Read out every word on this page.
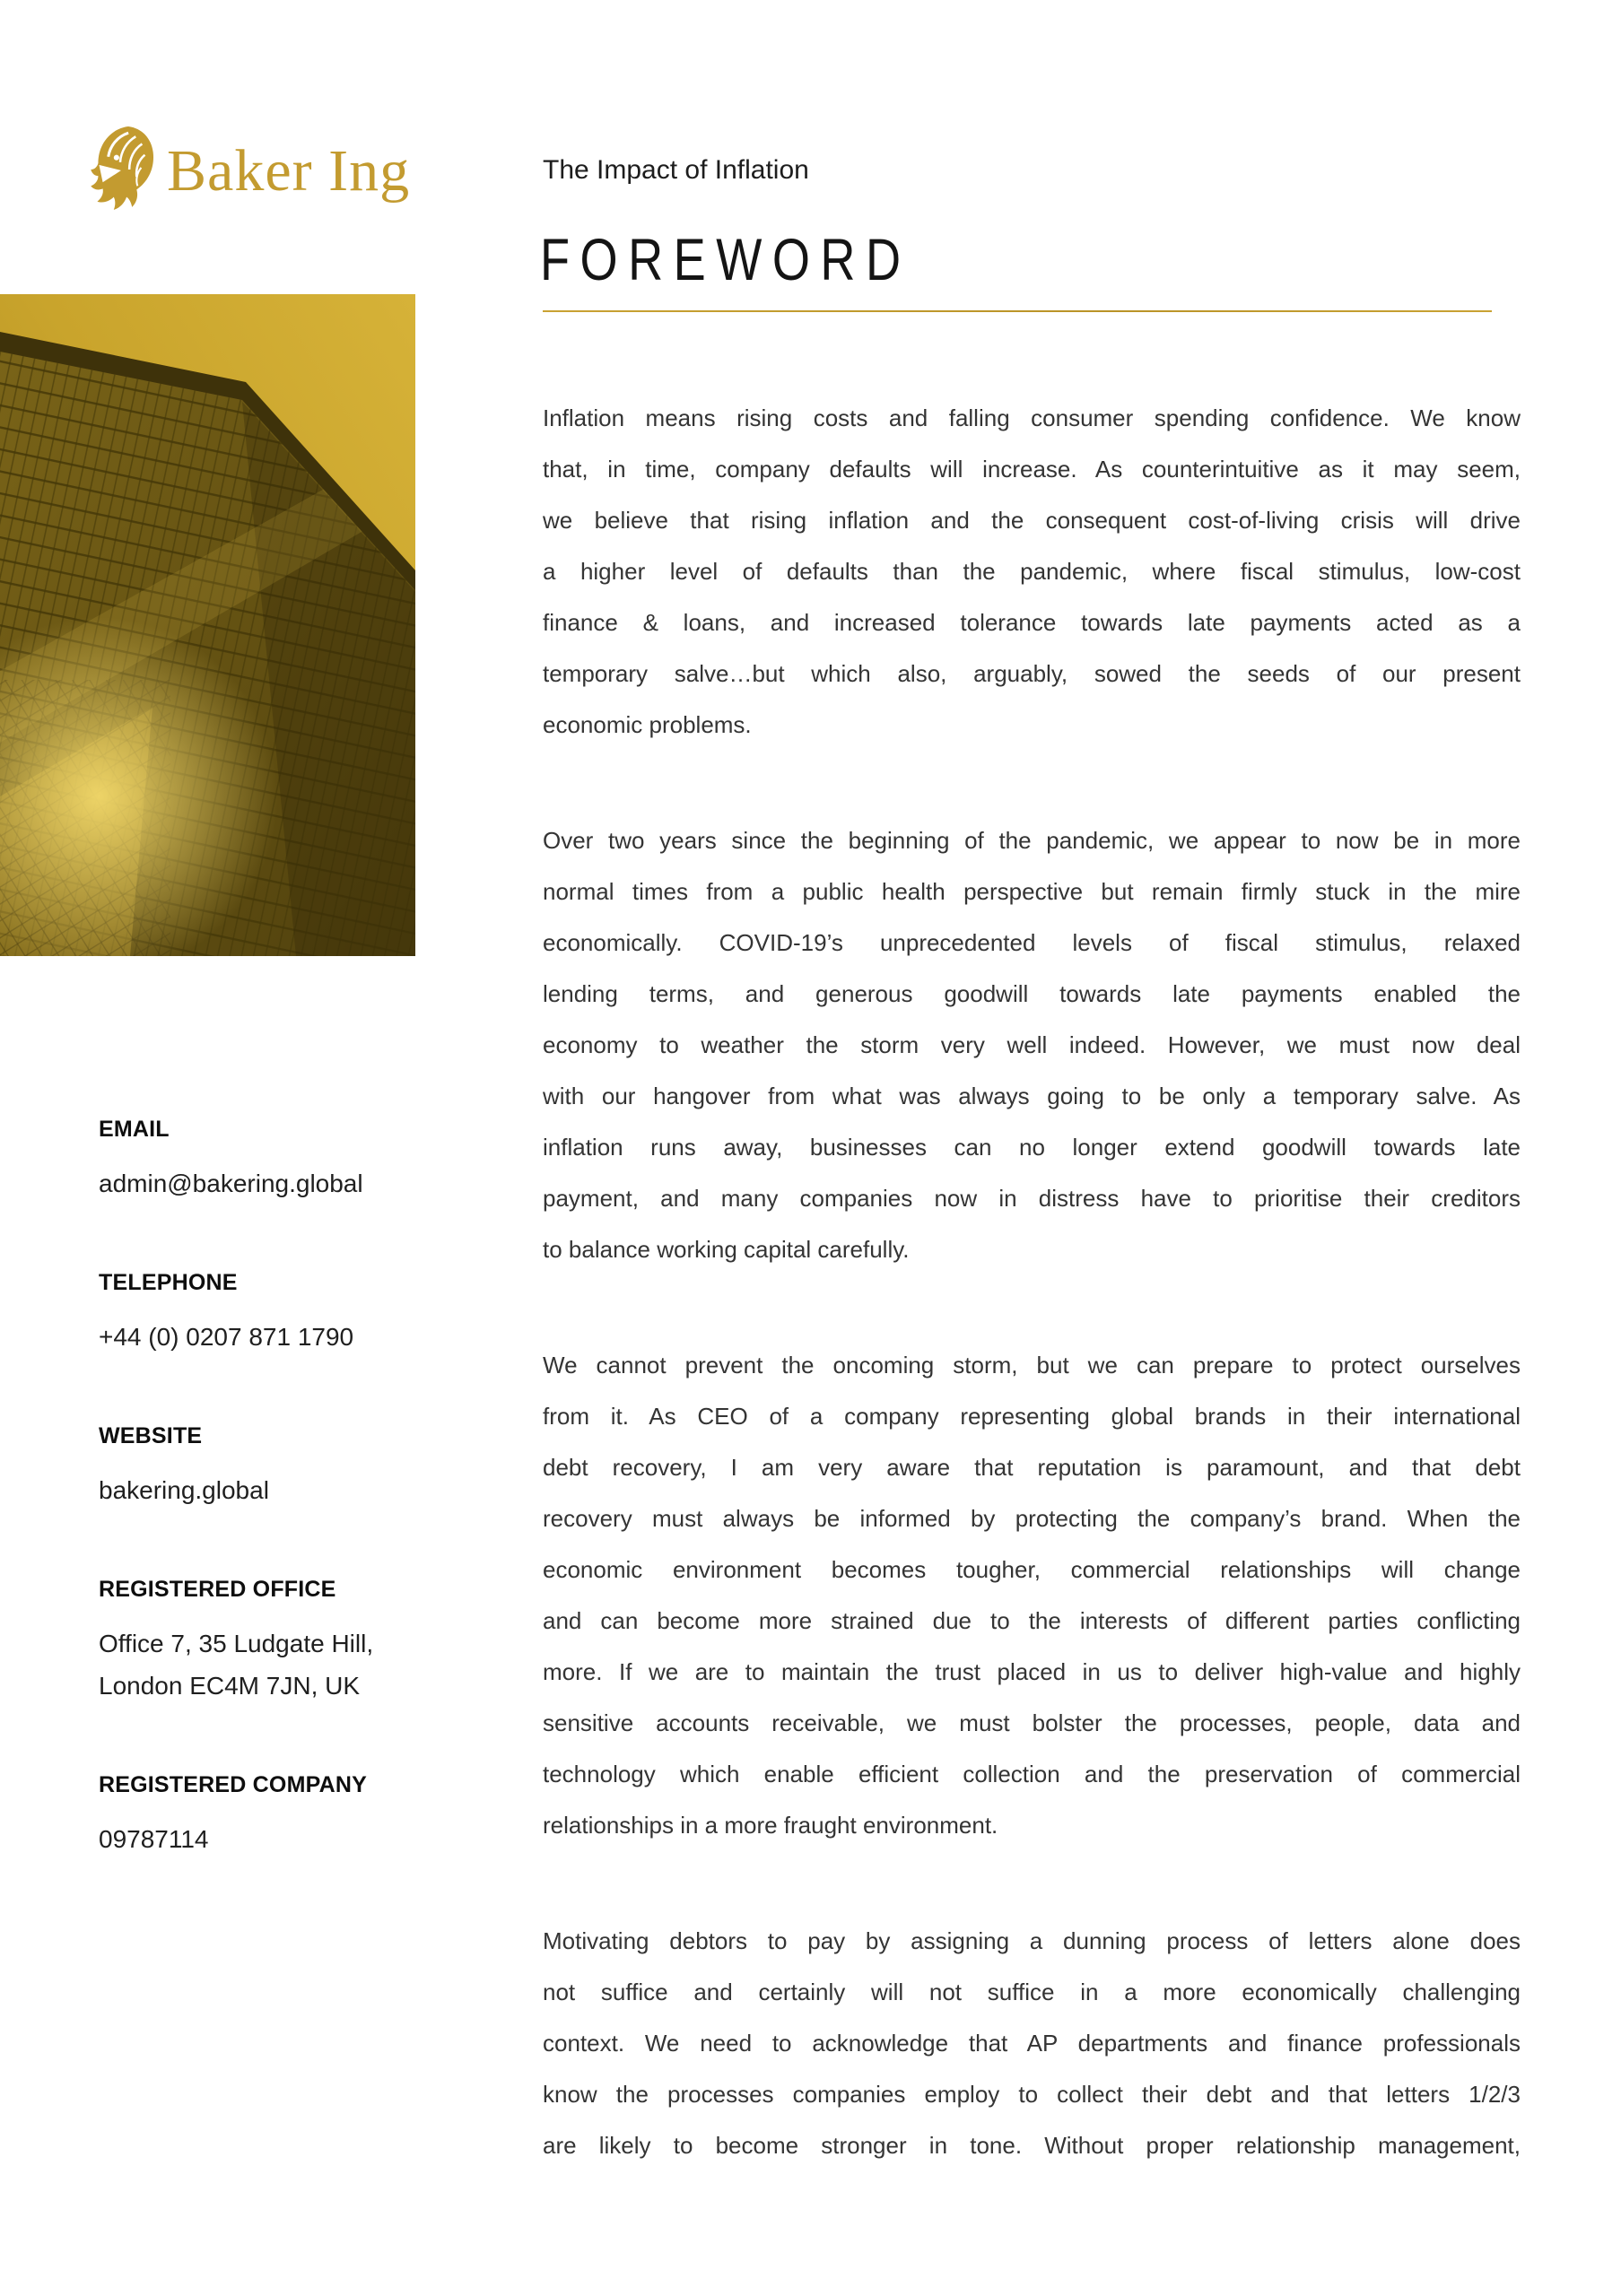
Baker Ing	The Impact of Inflation
FOREWORD
EMAIL
admin@bakering.global
TELEPHONE
+44 (0) 0207 871 1790
WEBSITE
bakering.global
REGISTERED OFFICE
Office 7, 35 Ludgate Hill,
London EC4M 7JN, UK
REGISTERED COMPANY
09787114
Inflation means rising costs and falling consumer spending confidence. We know
that, in time, company defaults will increase. As counterintuitive as it may seem,
we believe that rising inflation and the consequent cost-of-living crisis will drive
a higher level of defaults than the pandemic, where fiscal stimulus, low-cost
finance & loans, and increased tolerance towards late payments acted as a
temporary salve…but which also, arguably, sowed the seeds of our present
economic problems.
Over two years since the beginning of the pandemic, we appear to now be in more
normal times from a public health perspective but remain firmly stuck in the mire
economically. COVID-19’s unprecedented levels of fiscal stimulus, relaxed
lending terms, and generous goodwill towards late payments enabled the
economy to weather the storm very well indeed. However, we must now deal
with our hangover from what was always going to be only a temporary salve. As
inflation runs away, businesses can no longer extend goodwill towards late
payment, and many companies now in distress have to prioritise their creditors
to balance working capital carefully.
We cannot prevent the oncoming storm, but we can prepare to protect ourselves
from it. As CEO of a company representing global brands in their international
debt recovery, I am very aware that reputation is paramount, and that debt
recovery must always be informed by protecting the company’s brand. When the
economic environment becomes tougher, commercial relationships will change
and can become more strained due to the interests of different parties conflicting
more. If we are to maintain the trust placed in us to deliver high-value and highly
sensitive accounts receivable, we must bolster the processes, people, data and
technology which enable efficient collection and the preservation of commercial
relationships in a more fraught environment.
Motivating debtors to pay by assigning a dunning process of letters alone does
not suffice and certainly will not suffice in a more economically challenging
context. We need to acknowledge that AP departments and finance professionals
know the processes companies employ to collect their debt and that letters 1/2/3
are likely to become stronger in tone. Without proper relationship management,
